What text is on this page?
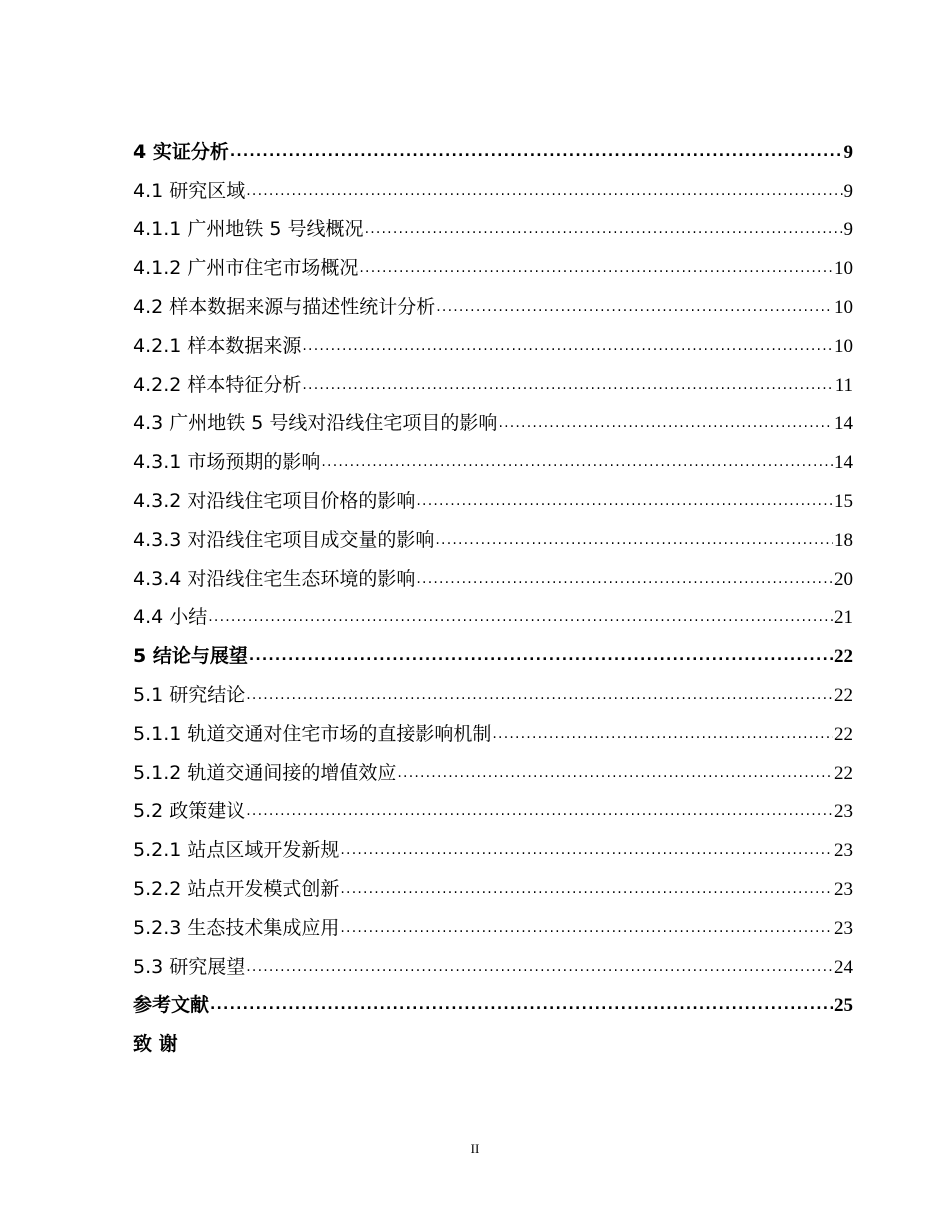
4 实证分析 .....	9
4.1 研究区域 .....	9
4.1.1 广州地铁 5 号线概况 .....	9
4.1.2 广州市住宅市场概况 .....	10
4.2 样本数据来源与描述性统计分析 .....	10
4.2.1 样本数据来源 .....	10
4.2.2 样本特征分析 .....	11
4.3 广州地铁 5 号线对沿线住宅项目的影响 .....	14
4.3.1 市场预期的影响 .....	14
4.3.2 对沿线住宅项目价格的影响 .....	15
4.3.3 对沿线住宅项目成交量的影响 .....	18
4.3.4 对沿线住宅生态环境的影响 .....	20
4.4 小结 .....	21
5 结论与展望 .....	22
5.1 研究结论 .....	22
5.1.1 轨道交通对住宅市场的直接影响机制 .....	22
5.1.2 轨道交通间接的增值效应 .....	22
5.2 政策建议 .....	23
5.2.1 站点区域开发新规 .....	23
5.2.2 站点开发模式创新 .....	23
5.2.3 生态技术集成应用 .....	23
5.3 研究展望 .....	24
参考文献 .....	25
致 谢
II
